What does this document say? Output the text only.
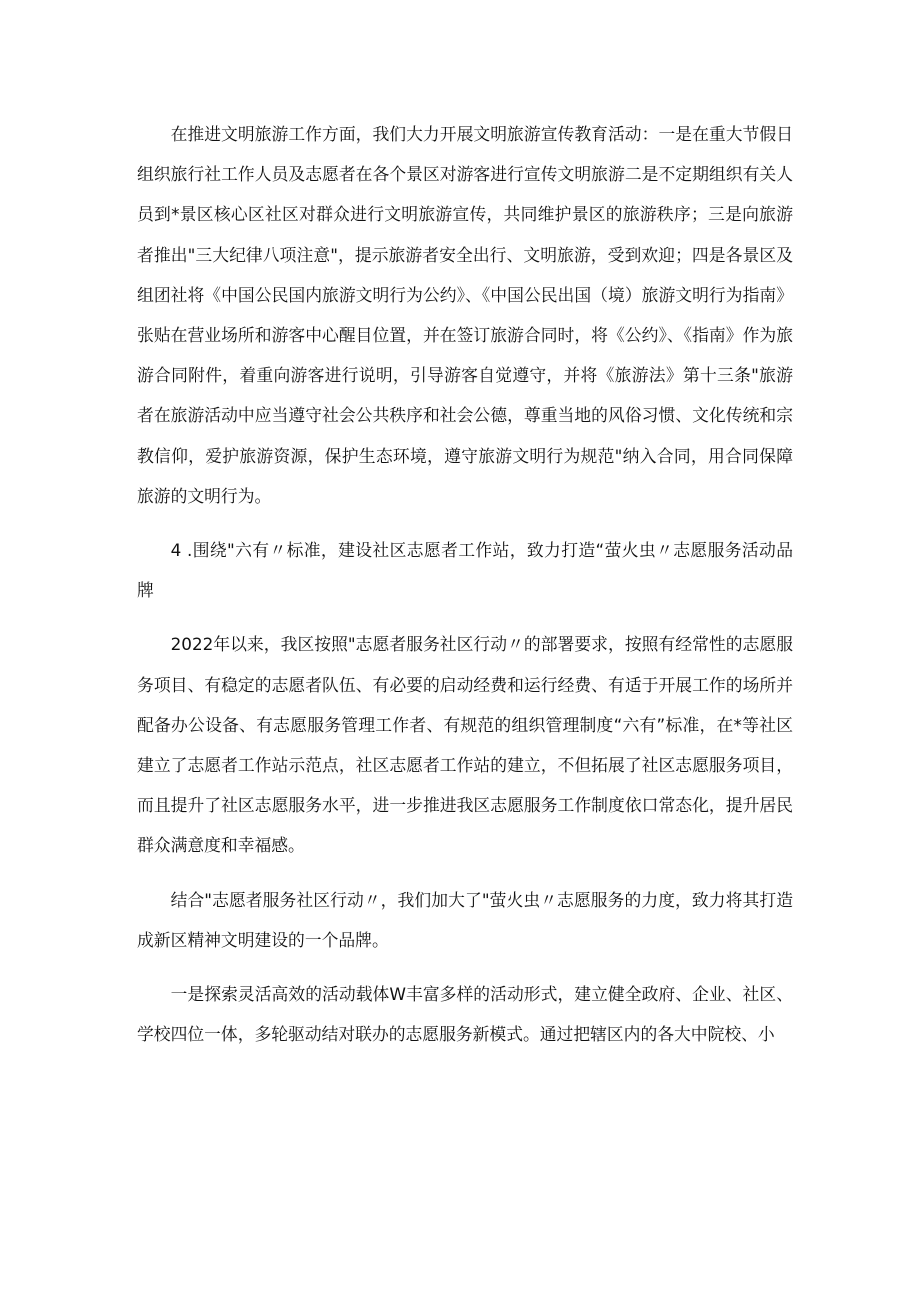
在推进文明旅游工作方面，我们大力开展文明旅游宣传教育活动：一是在重大节假日组织旅行社工作人员及志愿者在各个景区对游客进行宣传文明旅游二是不定期组织有关人员到*景区核心区社区对群众进行文明旅游宣传，共同维护景区的旅游秩序；三是向旅游者推出"三大纪律八项注意"，提示旅游者安全出行、文明旅游，受到欢迎；四是各景区及组团社将《中国公民国内旅游文明行为公约》、《中国公民出国（境）旅游文明行为指南》张贴在营业场所和游客中心醒目位置，并在签订旅游合同时，将《公约》、《指南》作为旅游合同附件，着重向游客进行说明，引导游客自觉遵守，并将《旅游法》第十三条"旅游者在旅游活动中应当遵守社会公共秩序和社会公德，尊重当地的风俗习惯、文化传统和宗教信仰，爱护旅游资源，保护生态环境，遵守旅游文明行为规范"纳入合同，用合同保障旅游的文明行为。

4 .围绕"六有〃标准，建设社区志愿者工作站，致力打造“萤火虫〃志愿服务活动品牌

2022年以来，我区按照"志愿者服务社区行动〃的部署要求，按照有经常性的志愿服务项目、有稳定的志愿者队伍、有必要的启动经费和运行经费、有适于开展工作的场所并配备办公设备、有志愿服务管理工作者、有规范的组织管理制度“六有”标准，在*等社区建立了志愿者工作站示范点，社区志愿者工作站的建立，不但拓展了社区志愿服务项目，而且提升了社区志愿服务水平，进一步推进我区志愿服务工作制度依口常态化，提升居民群众满意度和幸福感。

结合"志愿者服务社区行动〃，我们加大了"萤火虫〃志愿服务的力度，致力将其打造成新区精神文明建设的一个品牌。

一是探索灵活高效的活动载体W丰富多样的活动形式，建立健全政府、企业、社区、学校四位一体，多轮驱动结对联办的志愿服务新模式。通过把辖区内的各大中院校、小
